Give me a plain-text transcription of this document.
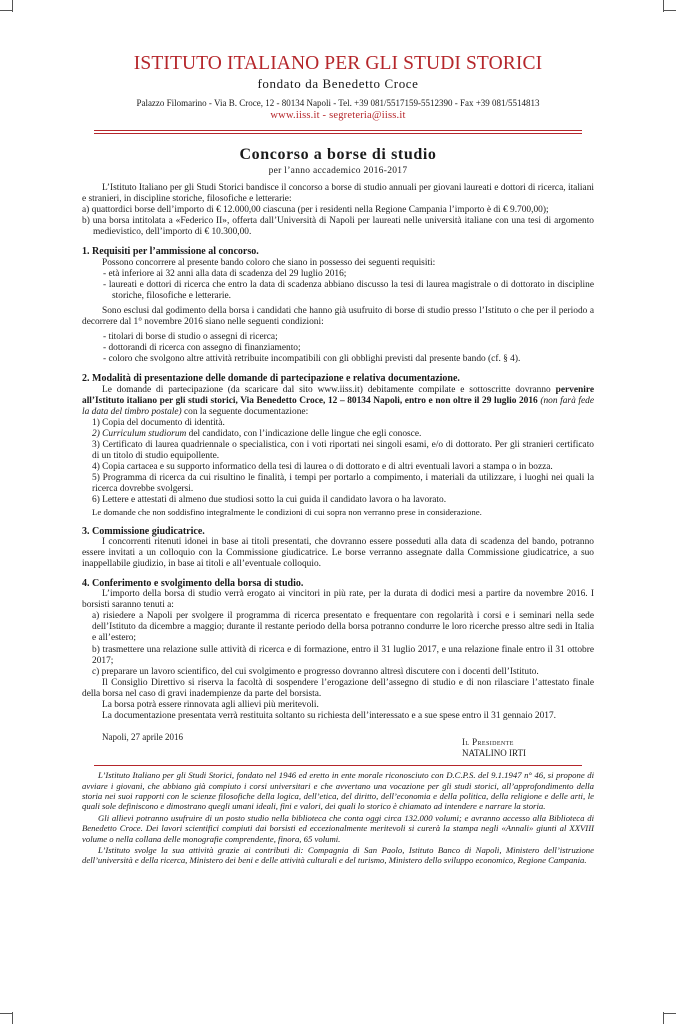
ISTITUTO ITALIANO PER GLI STUDI STORICI
fondato da Benedetto Croce
Palazzo Filomarino - Via B. Croce, 12 - 80134 Napoli - Tel. +39 081/5517159-5512390 - Fax +39 081/5514813
www.iiss.it - segreteria@iiss.it
Concorso a borse di studio
per l’anno accademico 2016-2017

L’Istituto Italiano per gli Studi Storici bandisce il concorso a borse di studio annuali per giovani laureati e dottori di ricerca, italiani e stranieri, in discipline storiche, filosofiche e letterarie:

a) quattordici borse dell’importo di € 12.000,00 ciascuna (per i residenti nella Regione Campania l’importo è di € 9.700,00);

b) una borsa intitolata a «Federico II», offerta dall’Università di Napoli per laureati nelle università italiane con una tesi di argomento medievistico, dell’importo di € 10.300,00.

1. Requisiti per l’ammissione al concorso.

Possono concorrere al presente bando coloro che siano in possesso dei seguenti requisiti:

- età inferiore ai 32 anni alla data di scadenza del 29 luglio 2016;

- laureati e dottori di ricerca che entro la data di scadenza abbiano discusso la tesi di laurea magistrale o di dottorato in discipline storiche, filosofiche e letterarie.

Sono esclusi dal godimento della borsa i candidati che hanno già usufruito di borse di studio presso l’Istituto o che per il periodo a decorrere dal 1° novembre 2016 siano nelle seguenti condizioni:

- titolari di borse di studio o assegni di ricerca;

- dottorandi di ricerca con assegno di finanziamento;

- coloro che svolgono altre attività retribuite incompatibili con gli obblighi previsti dal presente bando (cf. § 4).

2. Modalità di presentazione delle domande di partecipazione e relativa documentazione.

Le domande di partecipazione (da scaricare dal sito www.iiss.it) debitamente compilate e sottoscritte dovranno pervenire all’Istituto italiano per gli studi storici, Via Benedetto Croce, 12 – 80134 Napoli, entro e non oltre il 29 luglio 2016 (non farà fede la data del timbro postale) con la seguente documentazione:

1) Copia del documento di identità.

2) Curriculum studiorum del candidato, con l’indicazione delle lingue che egli conosce.

3) Certificato di laurea quadriennale o specialistica, con i voti riportati nei singoli esami, e/o di dottorato. Per gli stranieri certificato di un titolo di studio equipollente.

4) Copia cartacea e su supporto informatico della tesi di laurea o di dottorato e di altri eventuali lavori a stampa o in bozza.

5) Programma di ricerca da cui risultino le finalità, i tempi per portarlo a compimento, i materiali da utilizzare, i luoghi nei quali la ricerca dovrebbe svolgersi.

6) Lettere e attestati di almeno due studiosi sotto la cui guida il candidato lavora o ha lavorato.

Le domande che non soddisfino integralmente le condizioni di cui sopra non verranno prese in considerazione.

3. Commissione giudicatrice.

I concorrenti ritenuti idonei in base ai titoli presentati, che dovranno essere posseduti alla data di scadenza del bando, potranno essere invitati a un colloquio con la Commissione giudicatrice. Le borse verranno assegnate dalla Commissione giudicatrice, a suo inappellabile giudizio, in base ai titoli e all’eventuale colloquio.

4. Conferimento e svolgimento della borsa di studio.

L’importo della borsa di studio verrà erogato ai vincitori in più rate, per la durata di dodici mesi a partire da novembre 2016. I borsisti saranno tenuti a:

a) risiedere a Napoli per svolgere il programma di ricerca presentato e frequentare con regolarità i corsi e i seminari nella sede dell’Istituto da dicembre a maggio; durante il restante periodo della borsa potranno condurre le loro ricerche presso altre sedi in Italia e all’estero;

b) trasmettere una relazione sulle attività di ricerca e di formazione, entro il 31 luglio 2017, e una relazione finale entro il 31 ottobre 2017;

c) preparare un lavoro scientifico, del cui svolgimento e progresso dovranno altresì discutere con i docenti dell’Istituto.

Il Consiglio Direttivo si riserva la facoltà di sospendere l’erogazione dell’assegno di studio e di non rilasciare l’attestato finale della borsa nel caso di gravi inadempienze da parte del borsista.

La borsa potrà essere rinnovata agli allievi più meritevoli.

La documentazione presentata verrà restituita soltanto su richiesta dell’interessato e a sue spese entro il 31 gennaio 2017.

Napoli, 27 aprile 2016	Il Presidente
NATALINO IRTI

L’Istituto Italiano per gli Studi Storici, fondato nel 1946 ed eretto in ente morale riconosciuto con D.C.P.S. del 9.1.1947 n° 46, si propone di avviare i giovani, che abbiano già compiuto i corsi universitari e che avvertano una vocazione per gli studi storici, all’approfondimento della storia nei suoi rapporti con le scienze filosofiche della logica, dell’etica, del diritto, dell’economia e della politica, della religione e delle arti, le quali sole definiscono e dimostrano quegli umani ideali, fini e valori, dei quali lo storico è chiamato ad intendere e narrare la storia.

Gli allievi potranno usufruire di un posto studio nella biblioteca che conta oggi circa 132.000 volumi; e avranno accesso alla Biblioteca di Benedetto Croce. Dei lavori scientifici compiuti dai borsisti ed eccezionalmente meritevoli si curerà la stampa negli «Annali» giunti al XXVIII volume o nella collana delle monografie comprendente, finora, 65 volumi.

L’Istituto svolge la sua attività grazie ai contributi di: Compagnia di San Paolo, Istituto Banco di Napoli, Ministero dell’istruzione dell’università e della ricerca, Ministero dei beni e delle attività culturali e del turismo, Ministero dello sviluppo economico, Regione Campania.
